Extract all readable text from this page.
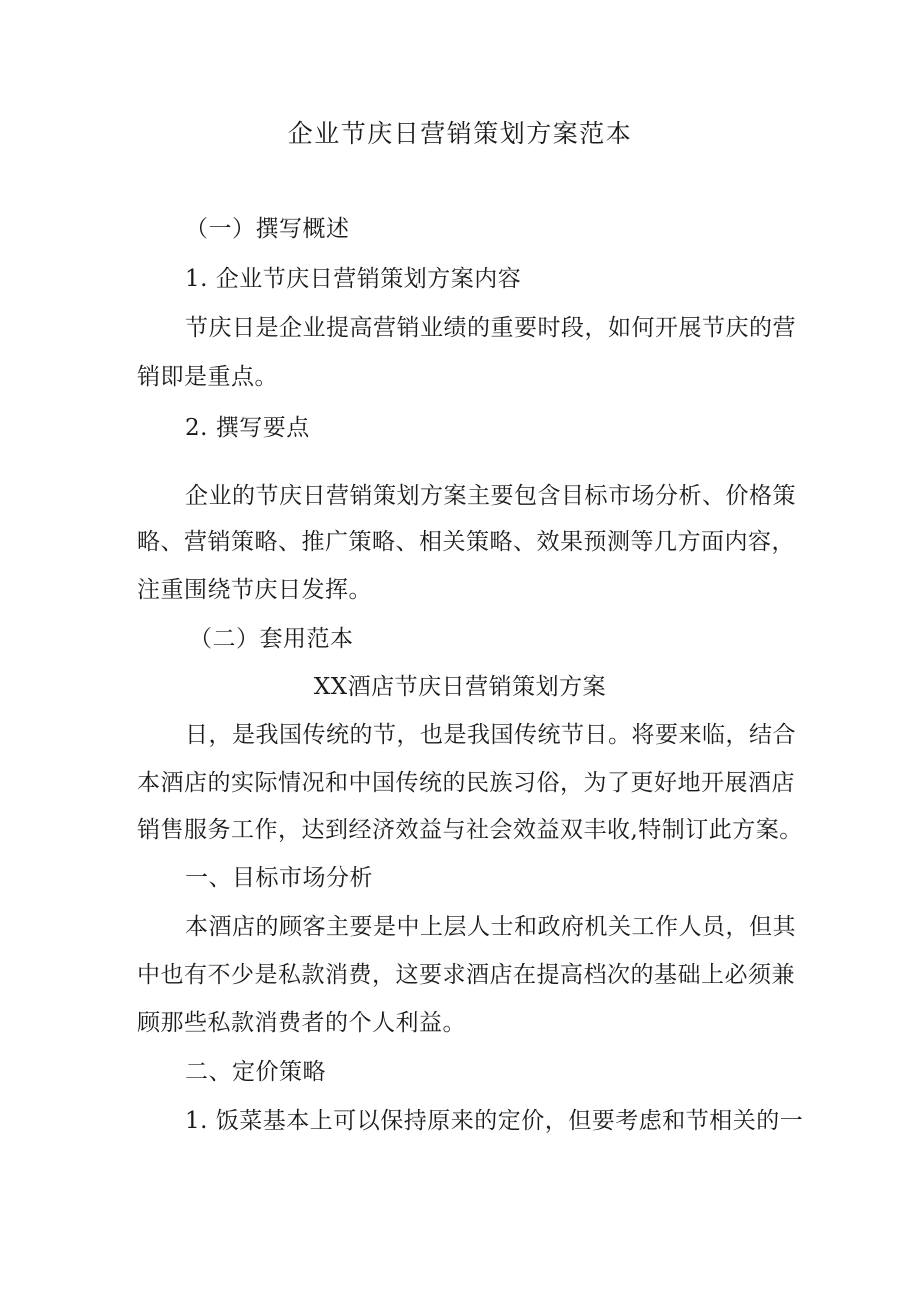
企业节庆日营销策划方案范本
（一）撰写概述
1. 企业节庆日营销策划方案内容
节庆日是企业提高营销业绩的重要时段，如何开展节庆的营
销即是重点。
2. 撰写要点
企业的节庆日营销策划方案主要包含目标市场分析、价格策
略、营销策略、推广策略、相关策略、效果预测等几方面内容，
注重围绕节庆日发挥。
（二）套用范本
XX酒店节庆日营销策划方案
日，是我国传统的节，也是我国传统节日。将要来临，结合
本酒店的实际情况和中国传统的民族习俗，为了更好地开展酒店
销售服务工作，达到经济效益与社会效益双丰收,特制订此方案。
一、目标市场分析
本酒店的顾客主要是中上层人士和政府机关工作人员，但其
中也有不少是私款消费，这要求酒店在提高档次的基础上必须兼
顾那些私款消费者的个人利益。
二、定价策略
1. 饭菜基本上可以保持原来的定价，但要考虑和节相关的一
